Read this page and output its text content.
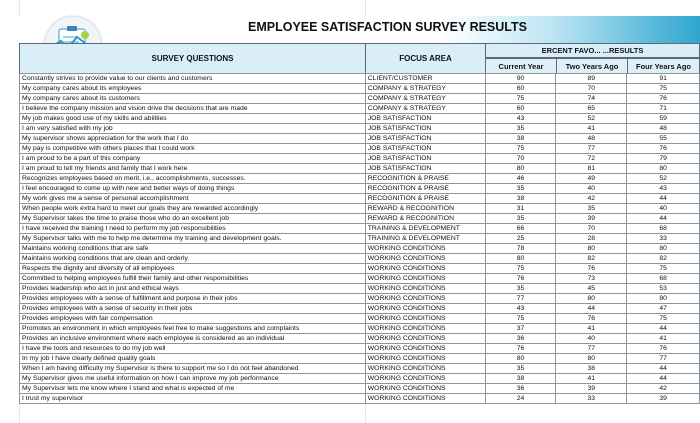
EMPLOYEE SATISFACTION SURVEY RESULTS
SURVEY QUESTIONS	FOCUS AREA
ERCENT FAVO... ...RESULTS
Current Year	Two Years Ago	Four Years Ago
Constantly strives to provide value to our clients and customers	CLIENT/CUSTOMER	90	89	91
My company cares about its employees	COMPANY & STRATEGY	60	70	75
My company cares about its customers	COMPANY & STRATEGY	75	74	76
I believe the company mission and vision drive the decisions that are made	COMPANY & STRATEGY	60	65	71
My job makes good use of my skills and abilities	JOB SATISFACTION	43	52	59
I am very satisfied with my job	JOB SATISFACTION	35	41	48
My supervisor shows appreciation for the work that I do	JOB SATISFACTION	38	48	55
My pay is competitive with others places that I could work	JOB SATISFACTION	75	77	76
I am proud to be a part of this company	JOB SATISFACTION	70	72	79
I am proud to tell my friends and family that I work here	JOB SATISFACTION	80	81	80
Recognizes employees based on merit, i.e., accomplishments, successes.	RECOGNITION & PRAISE	46	49	52
I feel encouraged to come up with new and better ways of doing things	RECOGNITION & PRAISE	35	40	43
My work gives me a sense of personal accomplishment	RECOGNITION & PRAISE	38	42	44
When people work extra hard to meet our goals they are rewarded accordingly	REWARD & RECOGNITION	31	35	40
My Supervisor takes the time to praise those who do an excellent job	REWARD & RECOGNITION	35	39	44
I have received the training I need to perform my job responsibilities	TRAINING & DEVELOPMENT	66	70	68
My Supervisor talks with me to help me determine my training and development goals.	TRAINING & DEVELOPMENT	25	28	33
Maintains working conditions that are safe	WORKING CONDITIONS	78	80	80
Maintains working conditions that are clean and orderly	WORKING CONDITIONS	80	82	82
Respects the dignity and diversity of all employees	WORKING CONDITIONS	75	76	75
Committed to helping employees fulfill their family and other responsibilities	WORKING CONDITIONS	76	73	68
Provides leadership who act in just and ethical ways	WORKING CONDITIONS	35	45	53
Provides employees with a sense of fulfillment and purpose in their jobs	WORKING CONDITIONS	77	80	80
Provides employees with a sense of security in their jobs	WORKING CONDITIONS	43	44	47
Provides employees with fair compensation	WORKING CONDITIONS	75	76	75
Promotes an environment in which employees feel free to make suggestions and complaints	WORKING CONDITIONS	37	41	44
Provides an inclusive environment where each employee is considered as an individual	WORKING CONDITIONS	36	40	41
I have the tools and resources to do my job well	WORKING CONDITIONS	76	77	76
In my job I have clearly defined quality goals	WORKING CONDITIONS	80	80	77
When I am having difficulty my Supervisor is there to support me so I do not feel abandoned	WORKING CONDITIONS	35	38	44
My Supervisor gives me useful information on how I can improve my job performance	WORKING CONDITIONS	38	41	44
My Supervisor lets me know where I stand and what is expected of me	WORKING CONDITIONS	36	39	42
I trust my supervisor	WORKING CONDITIONS	24	33	39
